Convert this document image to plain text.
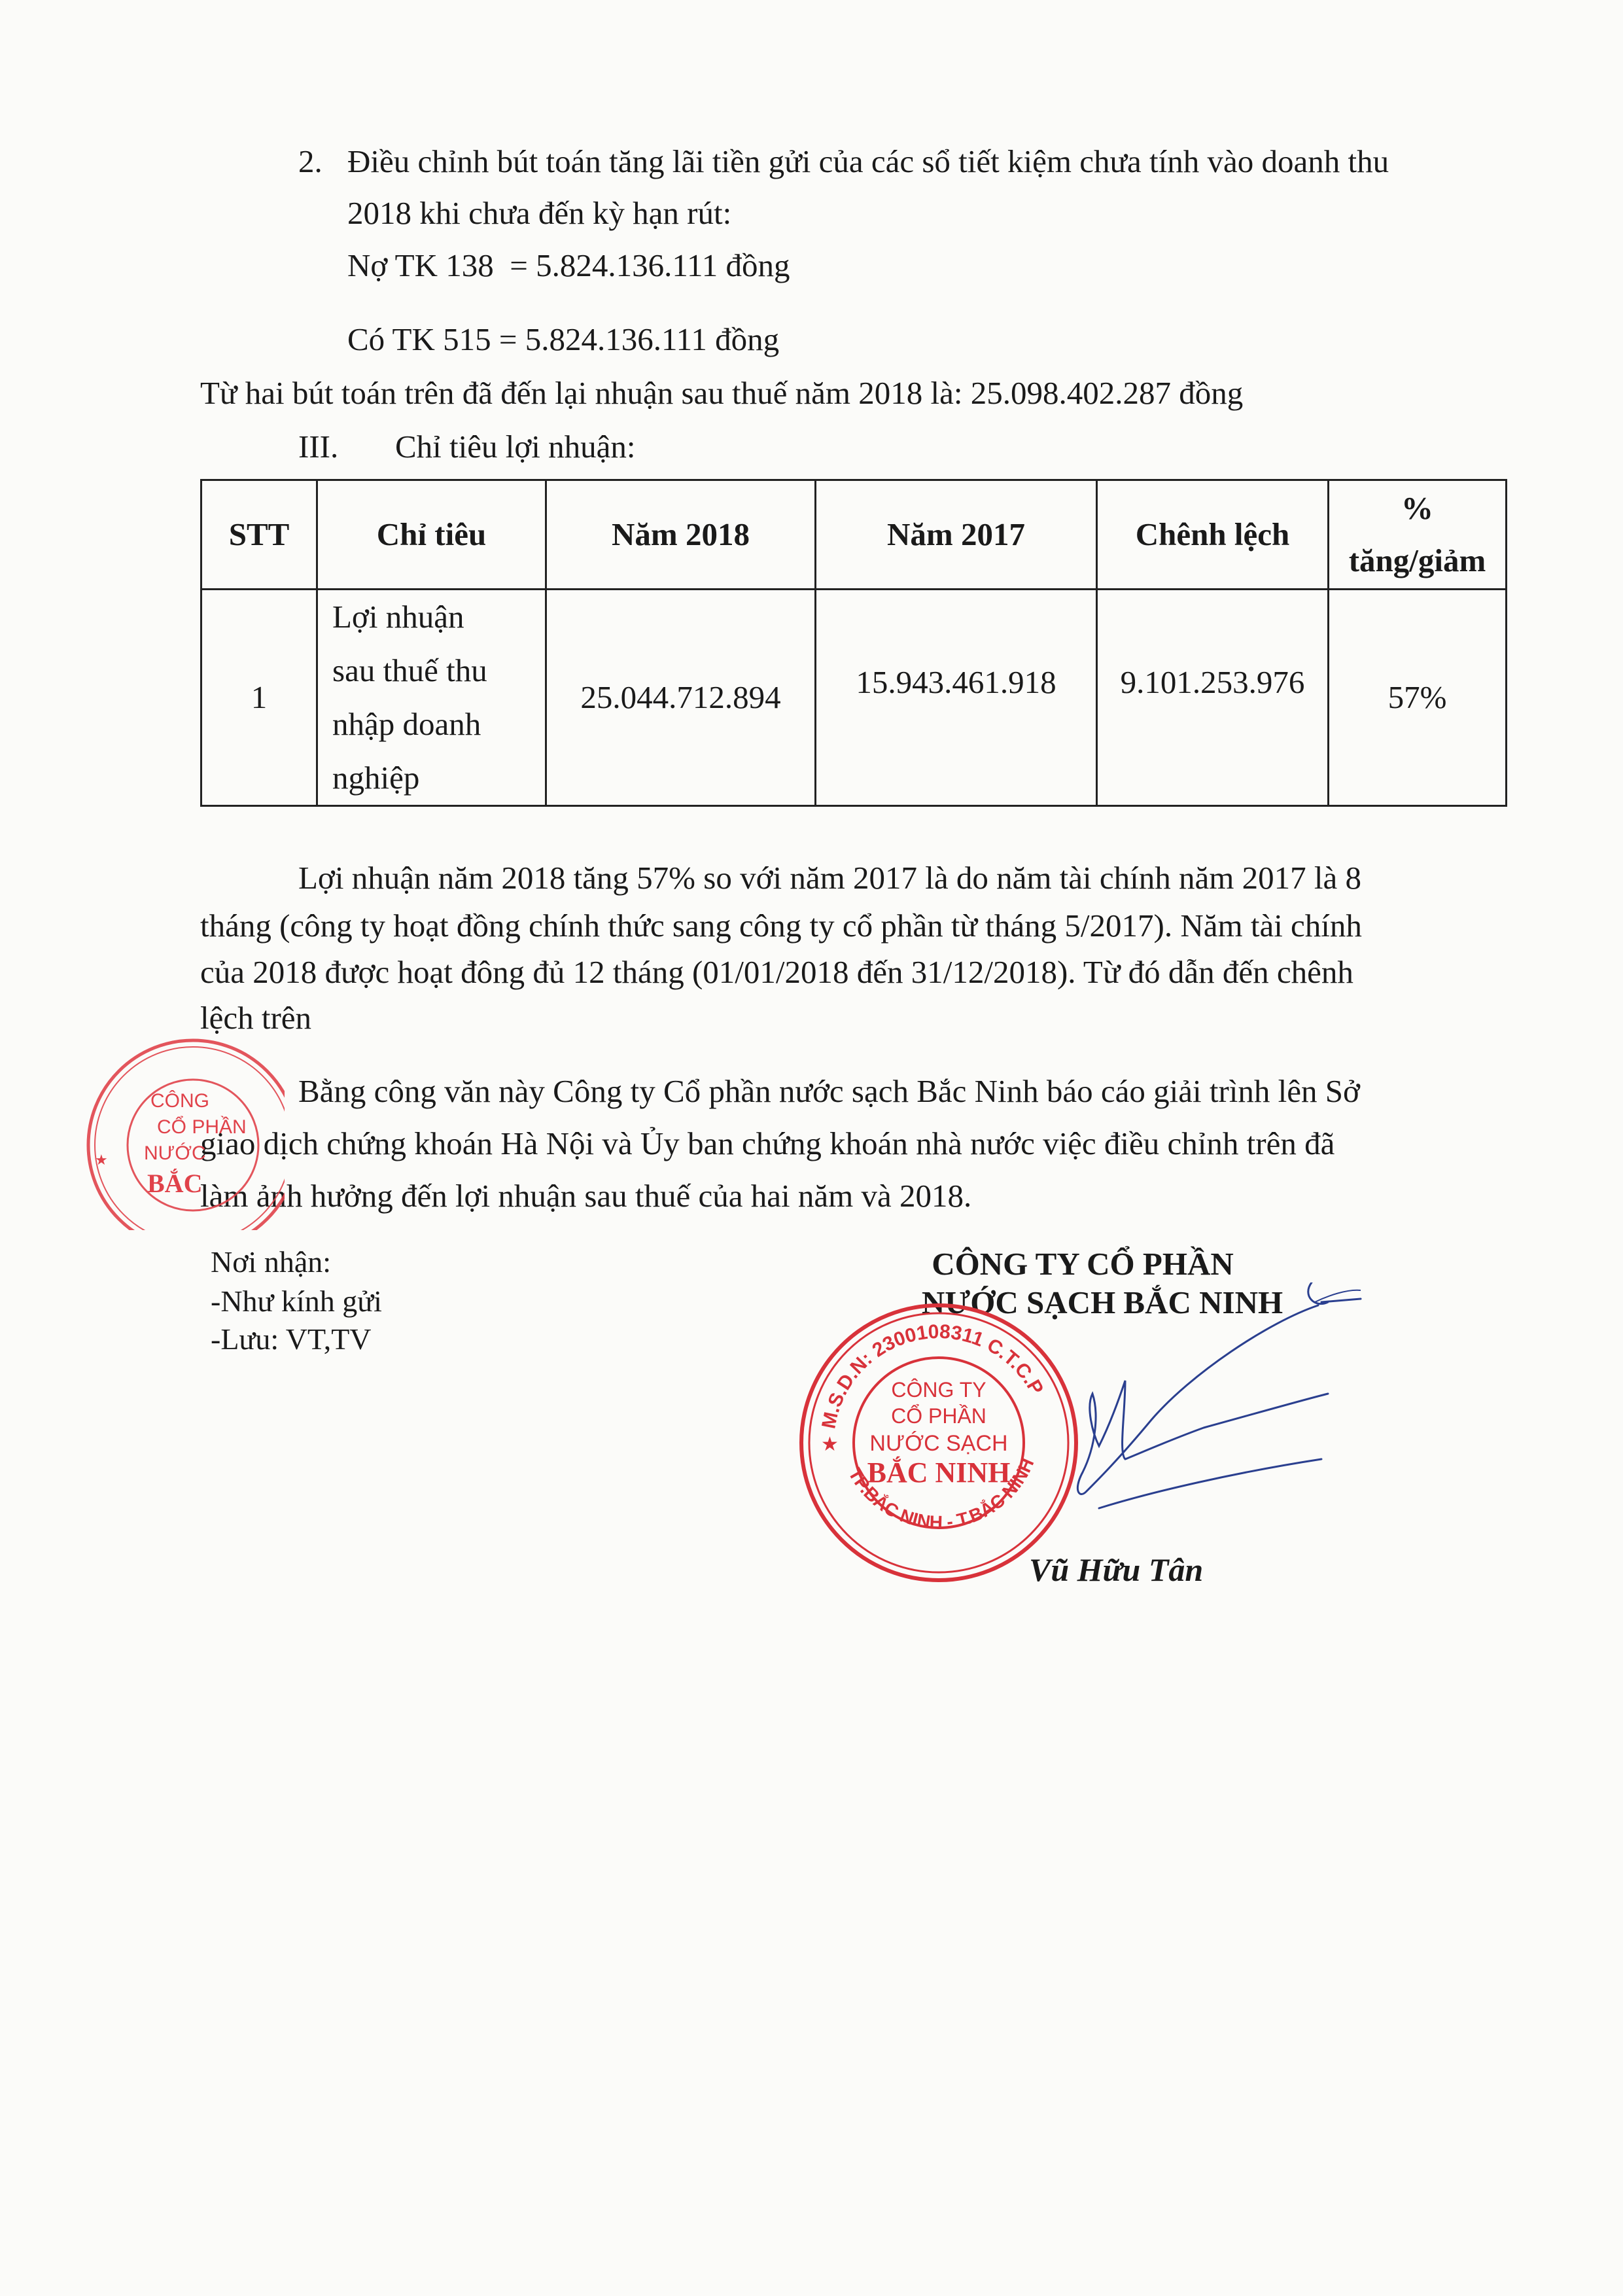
2. Điều chỉnh bút toán tăng lãi tiền gửi của các sổ tiết kiệm chưa tính vào doanh thu
2018 khi chưa đến kỳ hạn rút:
Nợ TK 138  = 5.824.136.111 đồng
Có TK 515 = 5.824.136.111 đồng
Từ hai bút toán trên đã đến lại nhuận sau thuế năm 2018 là: 25.098.402.287 đồng
III. Chỉ tiêu lợi nhuận:
STT	Chỉ tiêu	Năm 2018	Năm 2017	Chênh lệch	%
tăng/giảm

1	Lợi nhuận
sau thuế thu
nhập doanh
nghiệp	25.044.712.894	15.943.461.918	9.101.253.976	57%
Lợi nhuận năm 2018 tăng 57% so với năm 2017 là do năm tài chính năm 2017 là 8
tháng (công ty hoạt đồng chính thức sang công ty cổ phần từ tháng 5/2017). Năm tài chính
của 2018 được hoạt đông đủ 12 tháng (01/01/2018 đến 31/12/2018). Từ đó dẫn đến chênh
lệch trên
Bằng công văn này Công ty Cổ phần nước sạch Bắc Ninh báo cáo giải trình lên Sở
giao dịch chứng khoán Hà Nội và Ủy ban chứng khoán nhà nước việc điều chỉnh trên đã
làm ảnh hưởng đến lợi nhuận sau thuế của hai năm và 2018.
Nơi nhận:
-Như kính gửi
-Lưu: VT,TV
CÔNG TY CỔ PHẦN
NƯỚC SẠCH BẮC NINH
Vũ Hữu Tân
M.S.D.N: 2300108311 C.T.C.P
TP.BẮC NINH - T.BẮC NINH
★
CÔNG TY
CỔ PHẦN
NƯỚC SẠCH
BẮC NINH
CÔNG
CỔ PHẦN
NƯỚC
BẮC
★
